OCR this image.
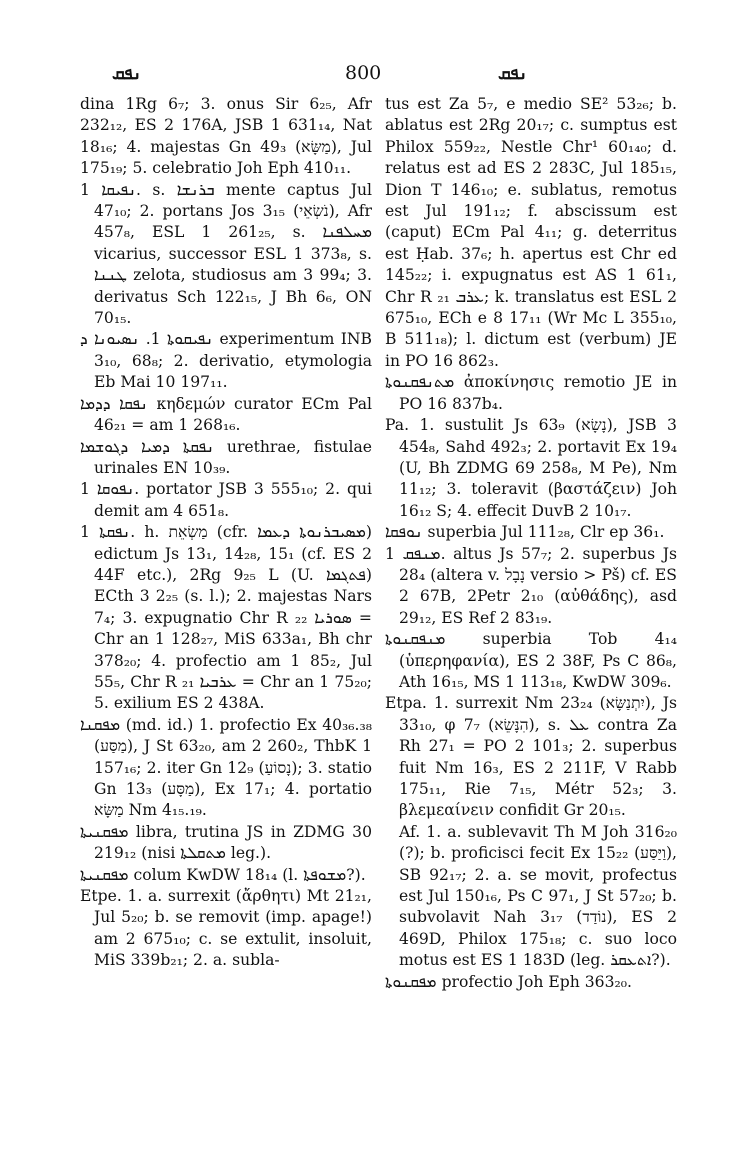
ܢܦܩ	800	ܢܦܩ

dina 1Rg 6₇; 3. onus Sir 6₂₅, Afr 232₁₂, ES 2 176A, JSB 1 631₁₄, Nat 18₁₆; 4. majestas Gn 49₃ (מַשָּׂא), Jul 175₁₉; 5. celebratio Joh Eph 410₁₁.

ܢܦܝܩܐ 1. s. ܒܪܢܫܐ mente captus Jul 47₁₀; 2. portans Jos 3₁₅ (נֹשְׂאֵי), Afr 457₈, ESL 1 261₂₅, s. ܡܚܠܦܢܐ vicarius, successor ESL 1 373₈, s. ܛܢܢܐ zelota, studiosus am 3 99₄; 3. derivatus Sch 122₁₅, J Bh 6₆, ON 70₁₅.

ܢܦܝܩܘܬܐ 1. ܢܣܝܘܢܐ ܕ experimentum INB 3₁₀, 68₈; 2. derivatio, etymologia Eb Mai 10 197₁₁.

ܢܦܩܐ ܕܕܡܐ κηδεμών curator ECm Pal 46₂₁ = am 1 268₁₆.

ܢܦܩܬܐ ܕܡܝܐ ܕܓܘܫܡܐ urethrae, fistulae urinales EN 10₃₉.

ܢܦܘܩܐ 1. portator JSB 3 555₁₀; 2. qui demit am 4 651₈.

ܢܦܩܬܐ 1. h. מַשְׂאֵת (cfr. ܡܣܝܒܪܢܘܬܐ ܕܥܡܐ) edictum Js 13₁, 14₂₈, 15₁ (cf. ES 2 44F etc.), 2Rg 9₂₅ L (U. ܦܬܓܡܐ) ECth 3 2₂₅ (s. l.); 2. majestas Nars 7₄; 3. expugnatio Chr R ܣܘܪܝܐ ₂₂ = Chr an 1 128₂₇, MiS 633a₁, Bh chr 378₂₀; 4. profectio am 1 85₂, Jul 55₅, Chr R ܥܪܒܝܐ ₂₁ = Chr an 1 75₂₀; 5. exilium ES 2 438A.

ܡܦܩܢܐ (md. id.) 1. profectio Ex 40₃₆.₃₈ (מַסַּע), J St 63₂₀, am 2 260₂, ThbK 1 157₁₆; 2. iter Gn 12₉ (נָסוֹעַ); 3. statio Gn 13₃ (מַסָּע), Ex 17₁; 4. portatio מַשָּׂא Nm 4₁₅.₁₉.

ܡܦܩܢܝܬܐ libra, trutina JS in ZDMG 30 219₁₂ (nisi ܡܬܩܠܬܐ leg.).

ܡܦܩܢܝܬܐ colum KwDW 18₁₄ (l. ܡܫܘܦܬܐ?).

Etpe. 1. a. surrexit (ἄρθητι) Mt 21₂₁, Jul 5₂₀; b. se removit (imp. apage!) am 2 675₁₀; c. se extulit, insoluit, MiS 339b₂₁; 2. a. subla-

tus est Za 5₇, e medio SE² 53₂₆; b. ablatus est 2Rg 20₁₇; c. sumptus est Philox 559₂₂, Nestle Chr¹ 60₁₄₀; d. relatus est ad ES 2 283C, Jul 185₁₅, Dion T 146₁₀; e. sublatus, remotus est Jul 191₁₂; f. abscissum est (caput) ECm Pal 4₁₁; g. deterritus est Ḥab. 37₆; h. apertus est Chr ed 145₂₂; i. expugnatus est AS 1 61₁, Chr R ܥܪܒ ₂₁; k. translatus est ESL 2 675₁₀, ECh e 8 17₁₁ (Wr Mc L 355₁₀, B 511₁₈); l. dictum est (verbum) JE in PO 16 862₃.

ܡܬܢܦܩܢܘܬܐ ἀποκίνησις remotio JE in PO 16 837b₄.

Pa. 1. sustulit Js 63₉ (נָשָׂא), JSB 3 454₈, Sahd 492₃; 2. portavit Ex 19₄ (U, Bh ZDMG 69 258₈, M Pe), Nm 11₁₂; 3. toleravit (βαστάζειν) Joh 16₁₂ S; 4. effecit DuvB 2 10₁₇.

ܢܘܦܩܐ superbia Jul 111₂₈, Clr ep 36₁.

ܡܢܦܩ 1. altus Js 57₇; 2. superbus Js 28₄ (altera v. נָבָל versio > Pš) cf. ES 2 67B, 2Petr 2₁₀ (αὐθάδης), asd 29₁₂, ES Ref 2 83₁₉.

ܡܢܦܩܢܘܬܐ superbia Tob 4₁₄ (ὑπερηφανία), ES 2 38F, Ps C 86₈, Ath 16₁₅, MS 1 113₁₈, KwDW 309₆.

Etpa. 1. surrexit Nm 23₂₄ (יִתְנַשָּׂא), Js 33₁₀, φ 7₇ (הִנָּשֵׂא), s. ܥܠ contra Za Rh 27₁ = PO 2 101₃; 2. superbus fuit Nm 16₃, ES 2 211F, V Rabb 175₁₁, Rie 7₁₅, Métr 52₃; 3. βλεμεαίνειν confidit Gr 20₁₅.

Af. 1. a. sublevavit Th M Joh 316₂₀ (?); b. proficisci fecit Ex 15₂₂ (וַיַּסַּע), SB 92₁₇; 2. a. se movit, profectus est Jul 150₁₆, Ps C 97₁, J St 57₂₀; b. subvolavit Nah 3₁₇ (נוֹדַד), ES 2 469D, Philox 175₁₈; c. suo loco motus est ES 1 183D (leg. ܐܬܥܩܪ?).

ܡܦܩܢܘܬܐ profectio Joh Eph 363₂₀.
